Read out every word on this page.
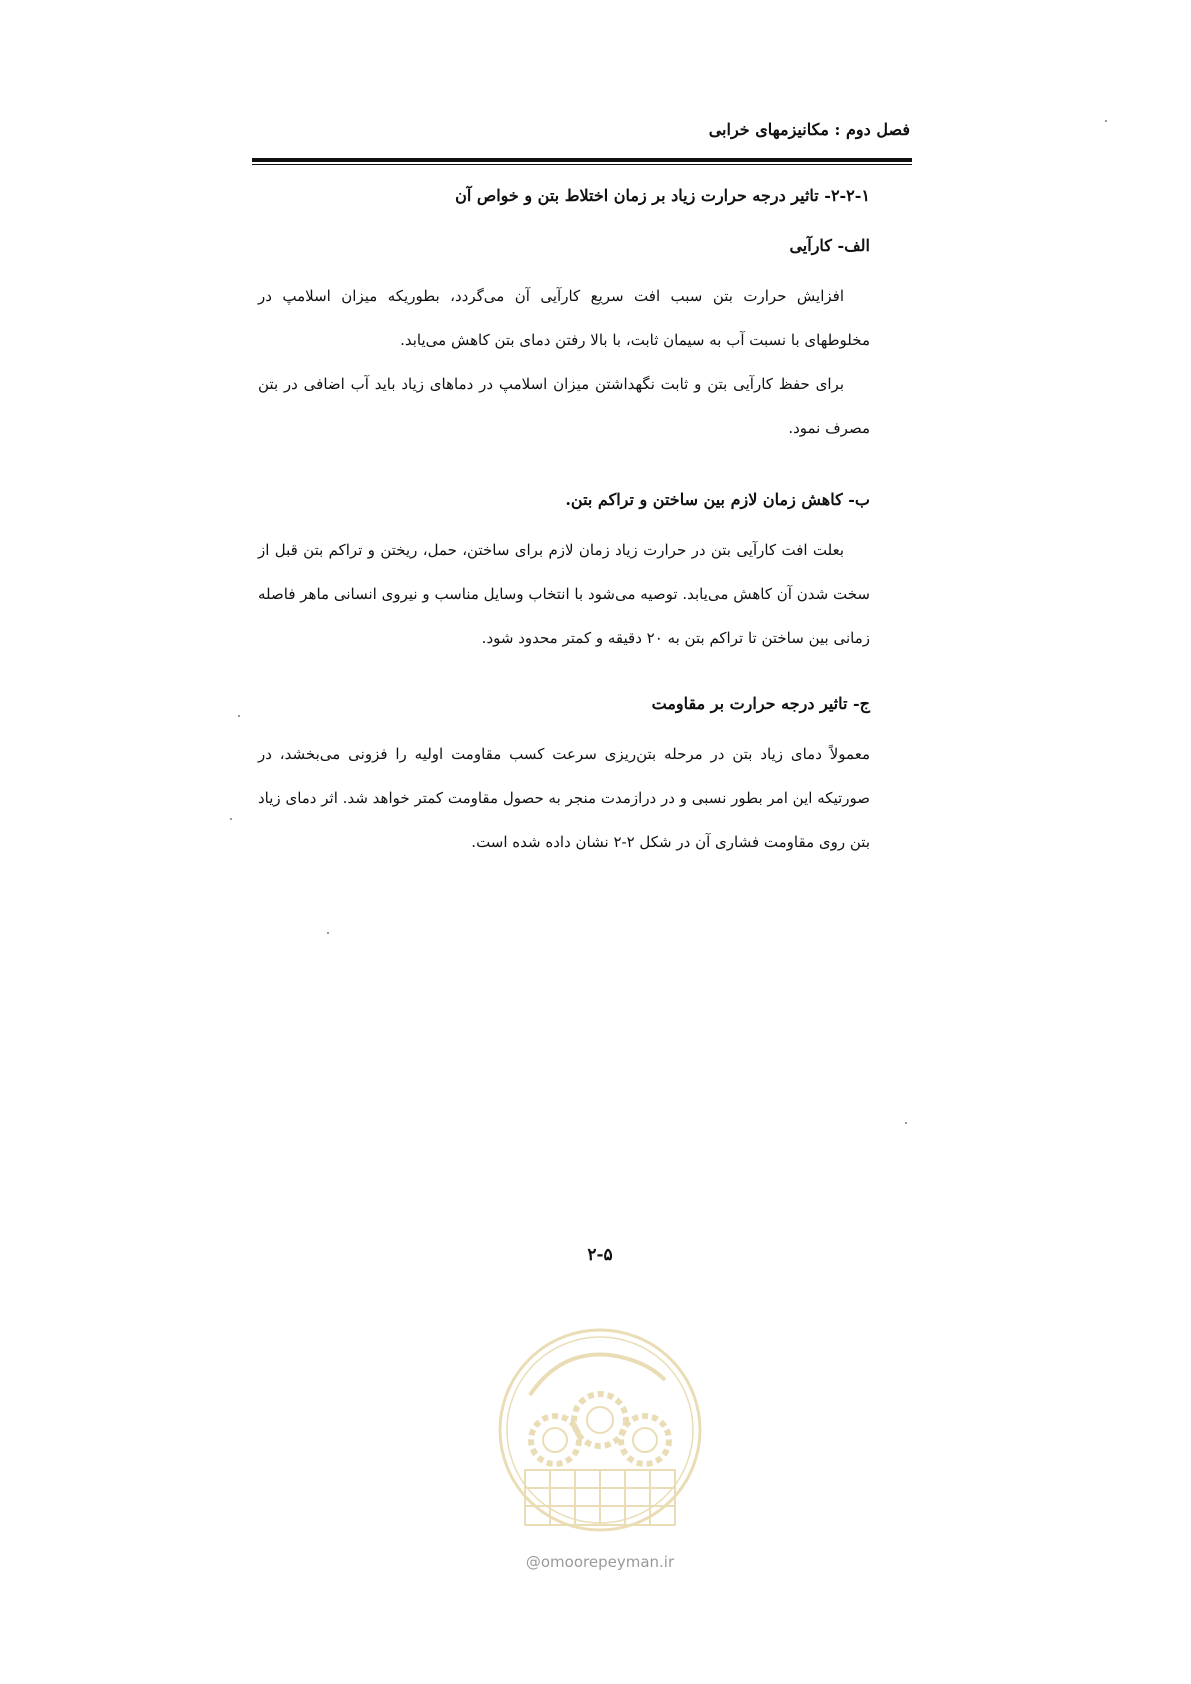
فصل دوم : مکانیزمهای خرابی
۲-۲-۱- تاثیر درجه حرارت زیاد بر زمان اختلاط بتن و خواص آن
الف- کارآیی

افزایش حرارت بتن سبب افت سریع کارآیی آن می‌گردد، بطوریکه میزان اسلامپ در مخلوطهای با نسبت آب به سیمان ثابت، با بالا رفتن دمای بتن کاهش می‌یابد.

برای حفظ کارآیی بتن و ثابت نگهداشتن میزان اسلامپ در دماهای زیاد باید آب اضافی در بتن مصرف نمود.

ب- کاهش زمان لازم بین ساختن و تراکم بتن.

بعلت افت کارآیی بتن در حرارت زیاد زمان لازم برای ساختن، حمل، ریختن و تراکم بتن قبل از سخت شدن آن کاهش می‌یابد. توصیه می‌شود با انتخاب وسایل مناسب و نیروی انسانی ماهر فاصله زمانی بین ساختن تا تراکم بتن به ۲۰ دقیقه و کمتر محدود شود.

ج- تاثیر درجه حرارت بر مقاومت

معمولاً دمای زیاد بتن در مرحله بتن‌ریزی سرعت کسب مقاومت اولیه را فزونی می‌بخشد، در صورتیکه این امر بطور نسبی و در درازمدت منجر به حصول مقاومت کمتر خواهد شد. اثر دمای زیاد بتن روی مقاومت فشاری آن در شکل ۲-۲ نشان داده شده است.

۲-۵
@omoorepeyman.ir
